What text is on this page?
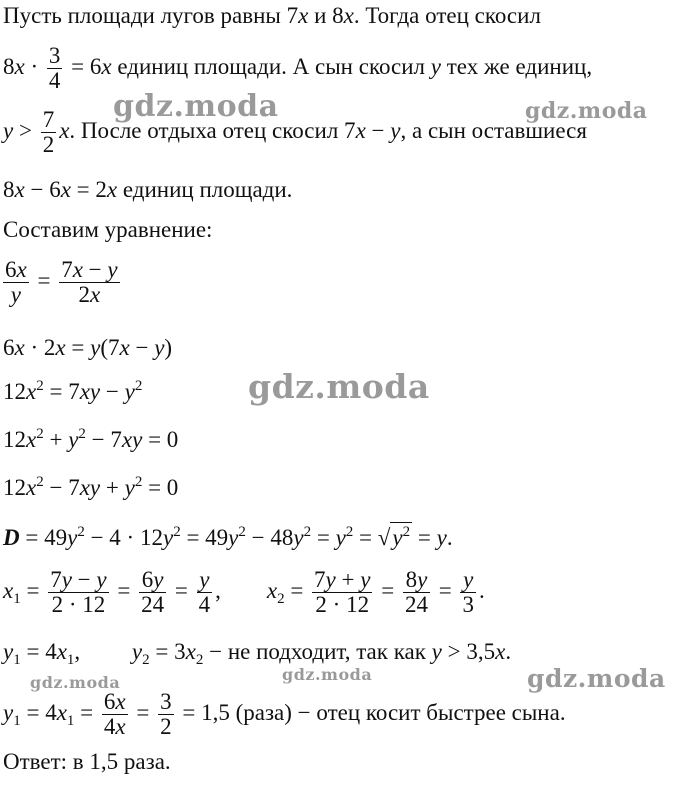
gdz.moda	gdz.moda
gdz.moda
gdz.moda	gdz.moda	gdz.moda
Пусть площади лугов равны 7x и 8x. Тогда отец скосил
$8x \cdot \frac{3}{4} = 6x$ единиц площади. А сын скосил y тех же единиц,
$y > \frac{7}{2} x$. После отдыха отец скосил 7x − y, а сын оставшиеся
8x − 6x = 2x единиц площади.
Составим уравнение:
$\frac{6x}{y} = \frac{7x - y}{2x}$
6x · 2x = y(7x − y)
$12x^2 = 7xy - y^2$
$12x^2 + y^2 - 7xy = 0$
$12x^2 - 7xy + y^2 = 0$
$D = 49y^2 - 4 \cdot 12y^2 = 49y^2 - 48y^2 = y^2 = √y^2 = y$.
$x_1 = \frac{7y - y}{2 \cdot 12} = \frac{6y}{24} = \frac{y}{4}$ ,        $x_2 = \frac{7y + y}{2 \cdot 12} = \frac{8y}{24} = \frac{y}{3}$ .
$y_1 = 4x_1$,         $y_2 = 3x_2$ − не подходит, так как y > 3,5x.
$y_1 = 4x_1 = \frac{6x}{4x} = \frac{3}{2} = 1,5$ (раза) − отец косит быстрее сына.
Ответ: в 1,5 раза.
